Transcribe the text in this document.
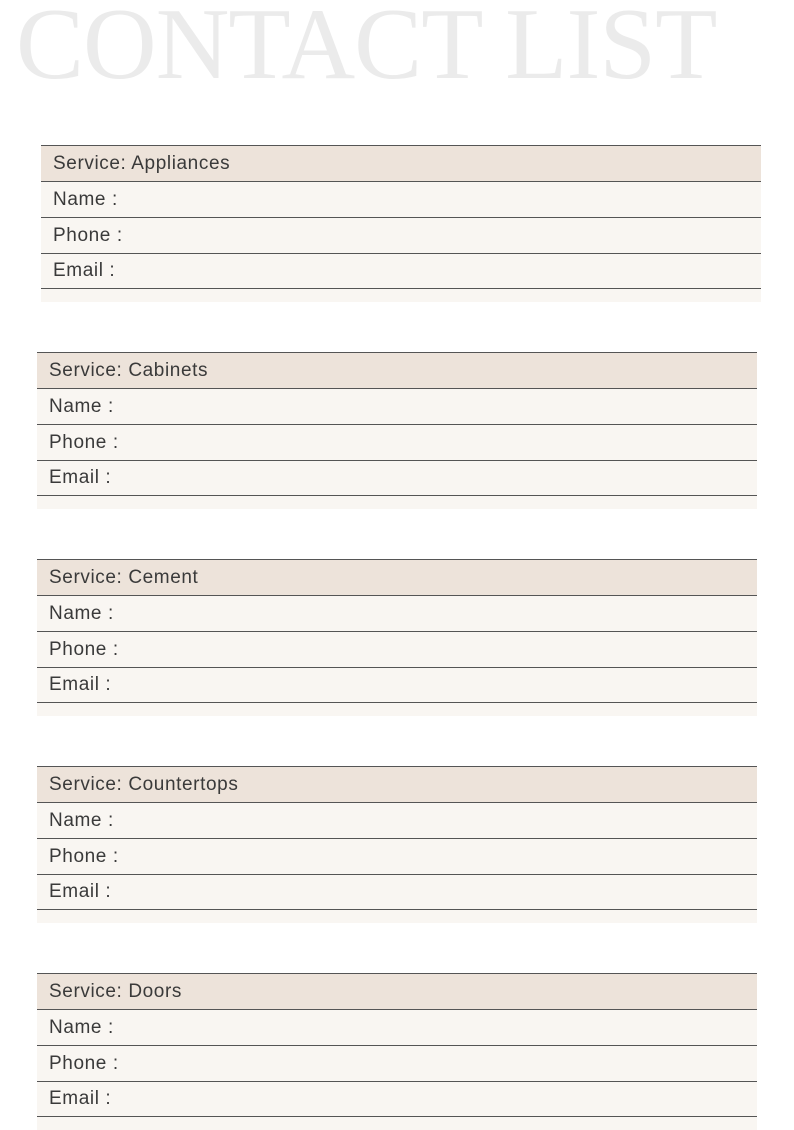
CONTACT LIST
Service: Appliances
Name :
Phone :
Email :
Service: Cabinets
Name :
Phone :
Email :
Service: Cement
Name :
Phone :
Email :
Service: Countertops
Name :
Phone :
Email :
Service: Doors
Name :
Phone :
Email :
